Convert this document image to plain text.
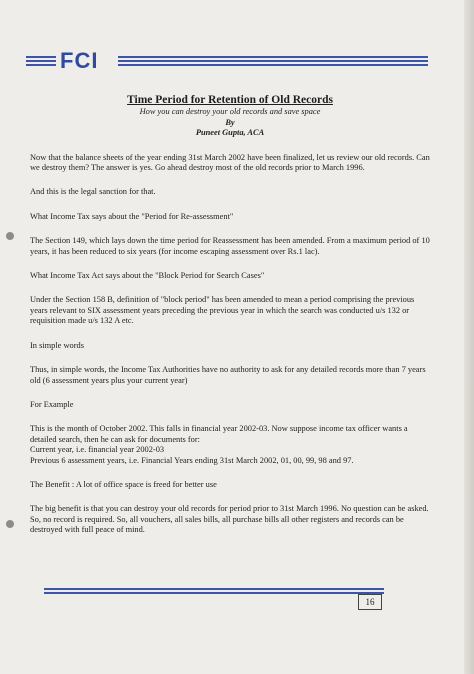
FCI

Time Period for Retention of Old Records

How you can destroy your old records and save space

By

Puneet Gupta, ACA

Now that the balance sheets of the year ending 31st March 2002 have been finalized, let us review our old records. Can we destroy them? The answer is yes. Go ahead destroy most of the old records prior to March 1996.

And this is the legal sanction for that.

What Income Tax says about the "Period for Re-assessment"

The Section 149, which lays down the time period for Reassessment has been amended. From a maximum period of 10 years, it has been reduced to six years (for income escaping assessment over Rs.1 lac).

What Income Tax Act says about the "Block Period for Search Cases"

Under the Section 158 B, definition of "block period" has been amended to mean a period comprising the previous years relevant to SIX assessment years preceding the previous year in which the search was conducted u/s 132 or requisition made u/s 132 A etc.

In simple words

Thus, in simple words, the Income Tax Authorities have no authority to ask for any detailed records more than 7 years old (6 assessment years plus your current year)

For Example

This is the month of October 2002. This falls in financial year 2002-03. Now suppose income tax officer wants a detailed search, then he can ask for documents for:
Current year, i.e. financial year 2002-03
Previous 6 assessment years, i.e. Financial Years ending 31st March 2002, 01, 00, 99, 98 and 97.

The Benefit : A lot of office space is freed for better use

The big benefit is that you can destroy your old records for period prior to 31st March 1996. No question can be asked. So, no record is required. So, all vouchers, all sales bills, all purchase bills all other registers and records can be destroyed with full peace of mind.

16
